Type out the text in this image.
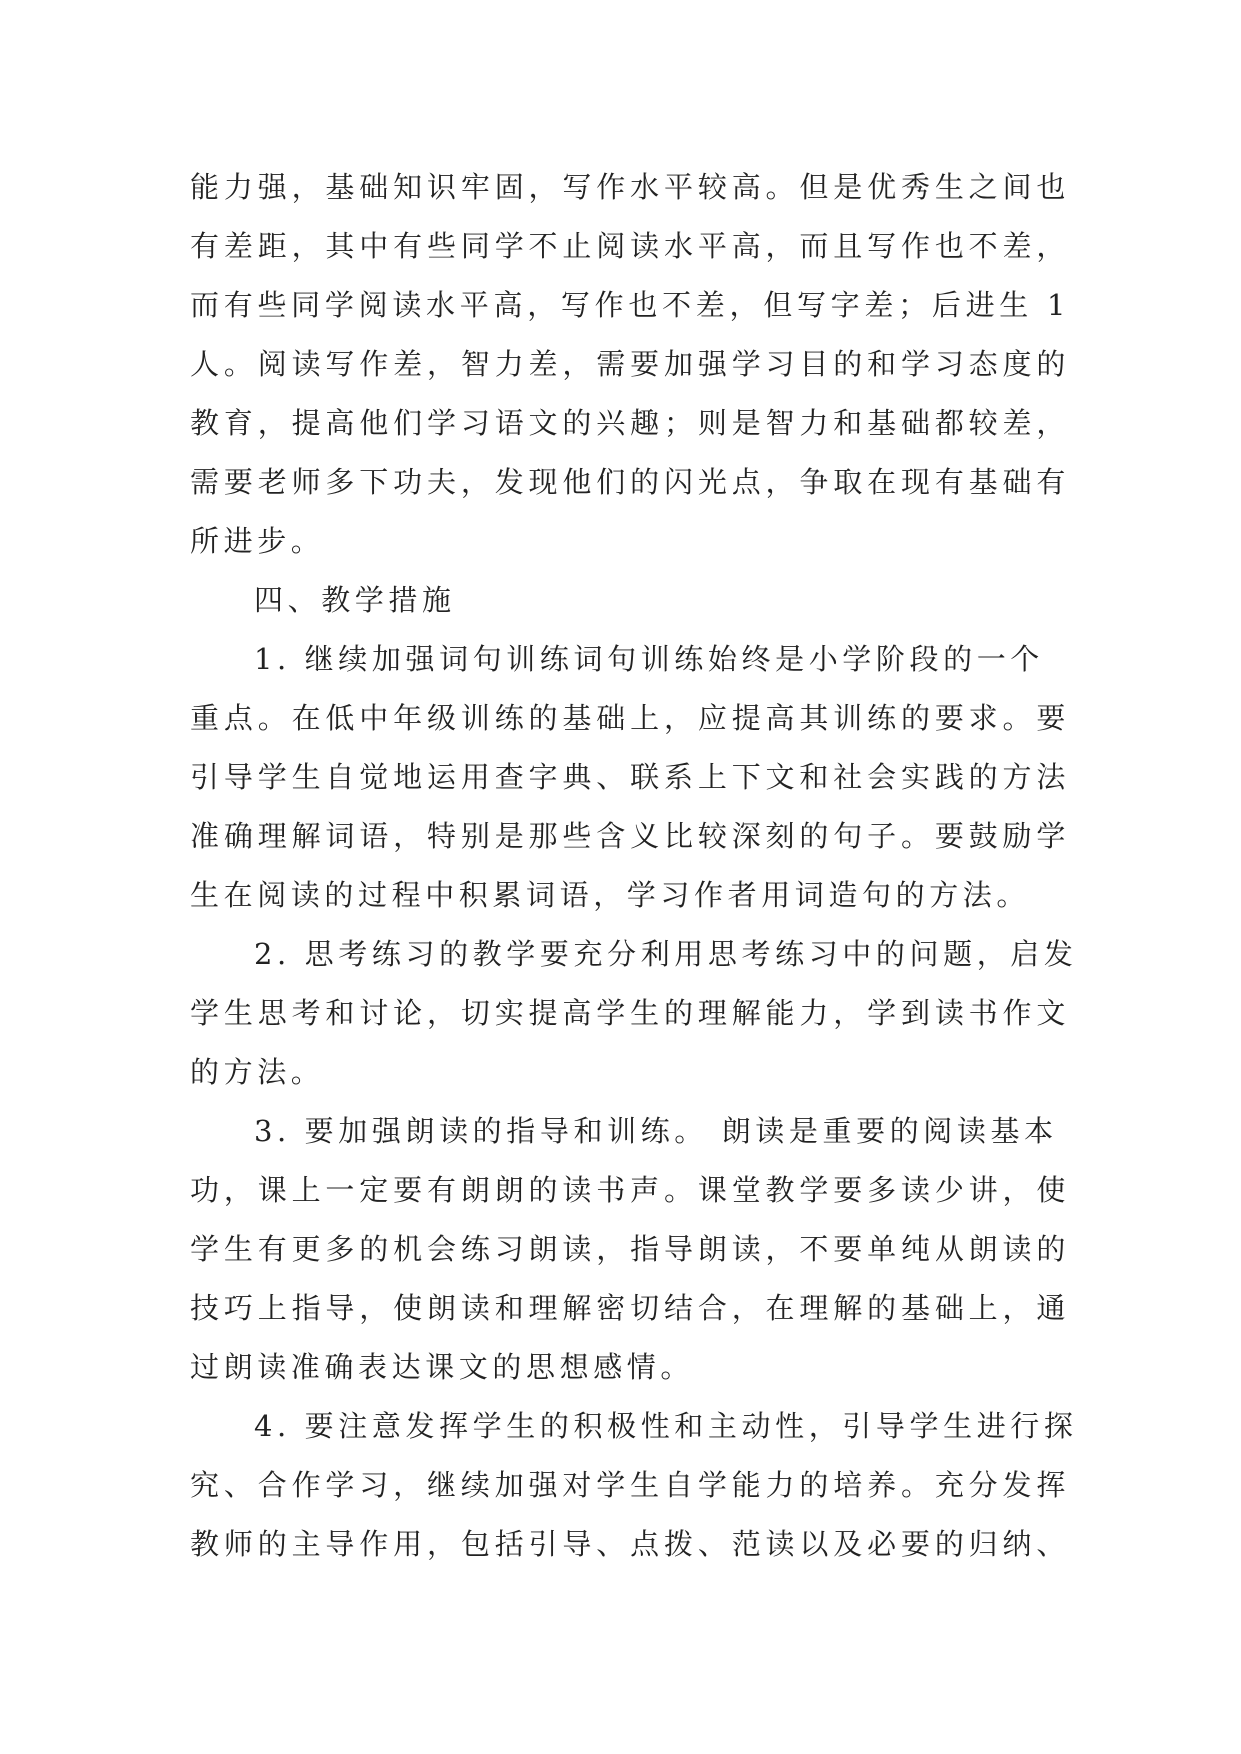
能力强，基础知识牢固，写作水平较高。但是优秀生之间也

有差距，其中有些同学不止阅读水平高，而且写作也不差，

而有些同学阅读水平高，写作也不差，但写字差；后进生 1

人。阅读写作差，智力差，需要加强学习目的和学习态度的

教育，提高他们学习语文的兴趣；则是智力和基础都较差，

需要老师多下功夫，发现他们的闪光点，争取在现有基础有

所进步。

四、教学措施

1. 继续加强词句训练词句训练始终是小学阶段的一个

重点。在低中年级训练的基础上，应提高其训练的要求。要

引导学生自觉地运用查字典、联系上下文和社会实践的方法

准确理解词语，特别是那些含义比较深刻的句子。要鼓励学

生在阅读的过程中积累词语，学习作者用词造句的方法。

2. 思考练习的教学要充分利用思考练习中的问题，启发

学生思考和讨论，切实提高学生的理解能力，学到读书作文

的方法。

3. 要加强朗读的指导和训练。 朗读是重要的阅读基本

功，课上一定要有朗朗的读书声。课堂教学要多读少讲，使

学生有更多的机会练习朗读，指导朗读，不要单纯从朗读的

技巧上指导，使朗读和理解密切结合，在理解的基础上，通

过朗读准确表达课文的思想感情。

4. 要注意发挥学生的积极性和主动性，引导学生进行探

究、合作学习，继续加强对学生自学能力的培养。充分发挥

教师的主导作用，包括引导、点拨、范读以及必要的归纳、
